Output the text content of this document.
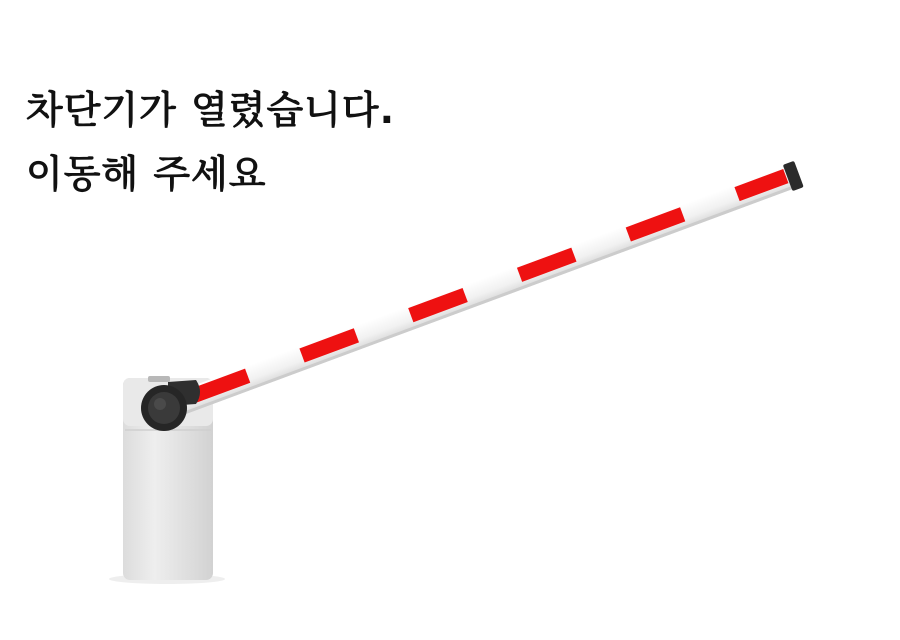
차단기가 열렸습니다.
이동해 주세요
